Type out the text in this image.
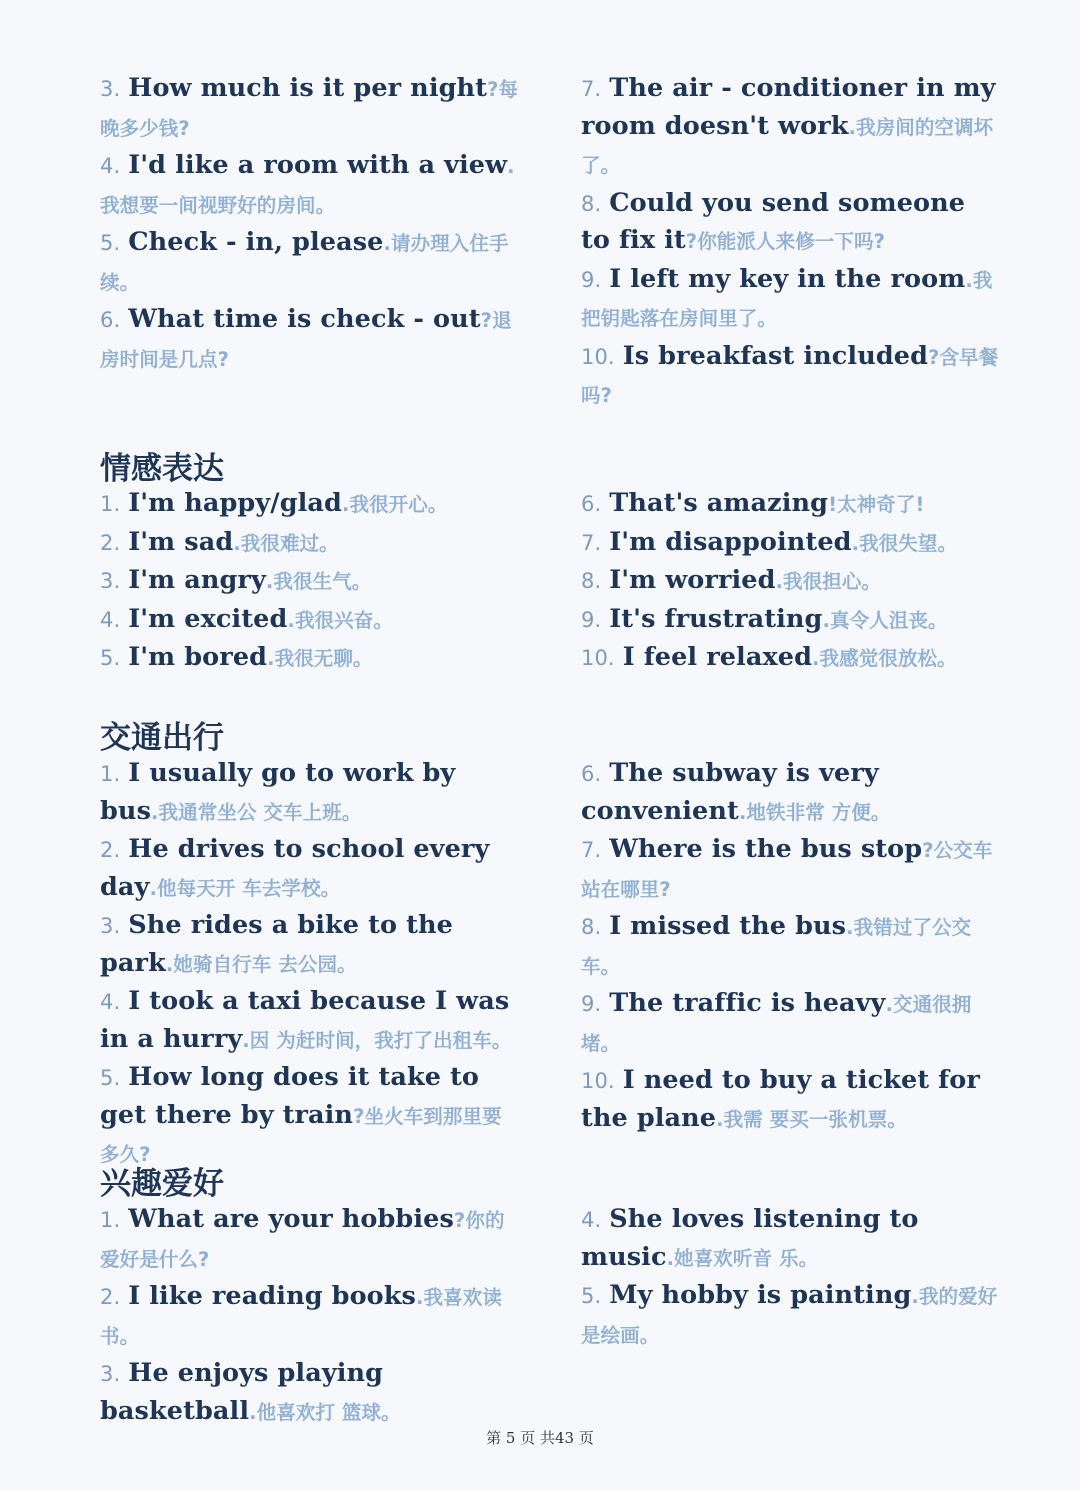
3. How much is it per night?每晚多少钱?
4. I'd like a room with a view.我想要一间视野好的房间。
5. Check - in, please.请办理入住手续。
6. What time is check - out?退房时间是几点?
7. The air - conditioner in my room doesn't work.我房间的空调坏了。
8. Could you send someone to fix it?你能派人来修一下吗?
9. I left my key in the room.我把钥匙落在房间里了。
10. Is breakfast included?含早餐吗?
情感表达
1. I'm happy/glad.我很开心。
2. I'm sad.我很难过。
3. I'm angry.我很生气。
4. I'm excited.我很兴奋。
5. I'm bored.我很无聊。
6. That's amazing!太神奇了!
7. I'm disappointed.我很失望。
8. I'm worried.我很担心。
9. It's frustrating.真令人沮丧。
10. I feel relaxed.我感觉很放松。
交通出行
1. I usually go to work by bus.我通常坐公 交车上班。
2. He drives to school every day.他每天开 车去学校。
3. She rides a bike to the park.她骑自行车 去公园。
4. I took a taxi because I was in a hurry.因 为赶时间，我打了出租车。
5. How long does it take to get there by train?坐火车到那里要多久?
6. The subway is very convenient.地铁非常 方便。
7. Where is the bus stop?公交车站在哪里?
8. I missed the bus.我错过了公交车。
9. The traffic is heavy.交通很拥堵。
10. I need to buy a ticket for the plane.我需 要买一张机票。
兴趣爱好
1. What are your hobbies?你的爱好是什么?
2. I like reading books.我喜欢读书。
3. He enjoys playing basketball.他喜欢打 篮球。
4. She loves listening to music.她喜欢听音 乐。
5. My hobby is painting.我的爱好是绘画。
第 5 页 共43 页
